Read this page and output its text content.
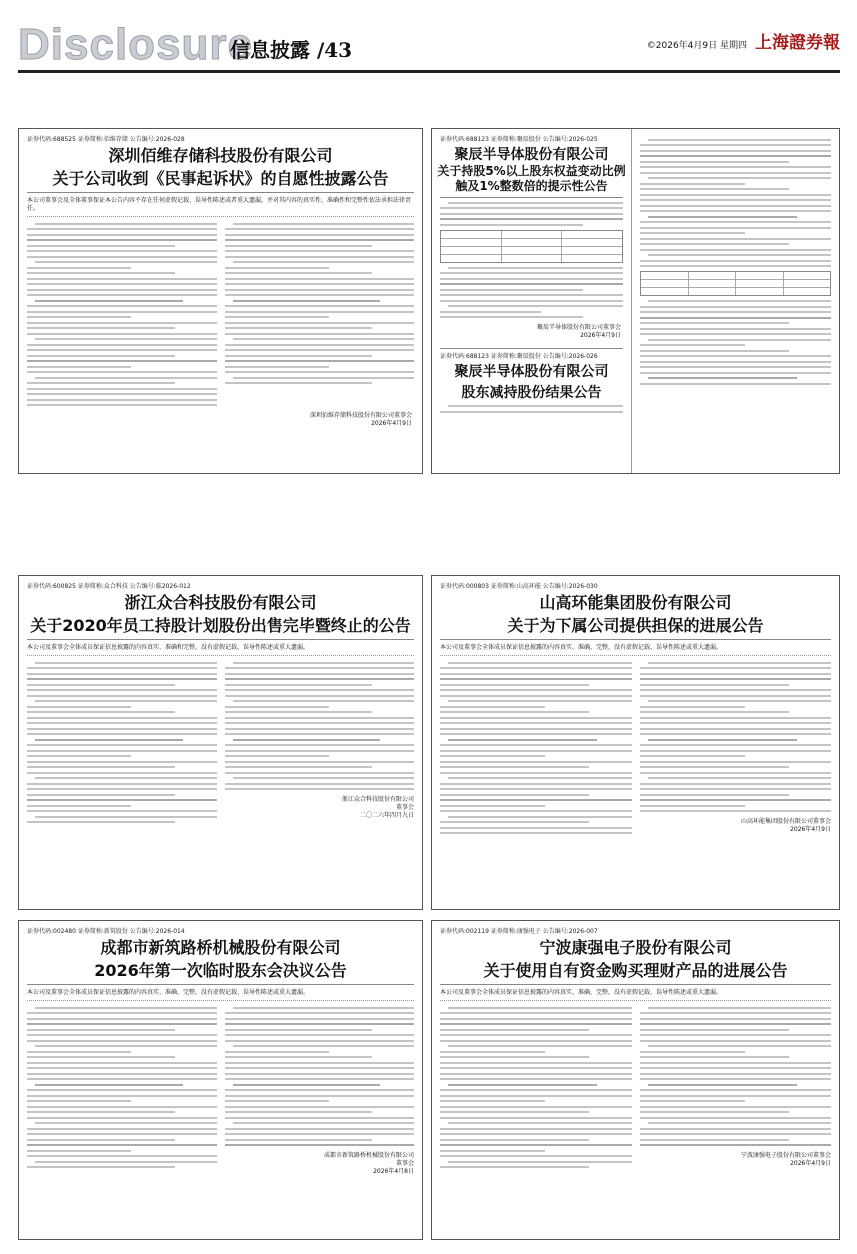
Disclosure
信息披露 /43	©2026年4月9日 星期四 上海證券報
证券代码:688525 证券简称:佰维存储 公告编号:2026-028
深圳佰维存储科技股份有限公司
关于公司收到《民事起诉状》的自愿性披露公告
本公司董事会及全体董事保证本公告内容不存在任何虚假记载、误导性陈述或者重大遗漏，并对其内容的真实性、准确性和完整性依法承担法律责任。
深圳佰维存储科技股份有限公司董事会
2026年4月9日
证券代码:688123 证券简称:聚辰股份 公告编号:2026-025
聚辰半导体股份有限公司
关于持股5%以上股东权益变动比例
触及1%整数倍的提示性公告
聚辰半导体股份有限公司董事会
2026年4月9日
证券代码:688123 证券简称:聚辰股份 公告编号:2026-026
聚辰半导体股份有限公司
股东减持股份结果公告
证券代码:600825 证券简称:众合科技 公告编号:临2026-012
浙江众合科技股份有限公司
关于2020年员工持股计划股份出售完毕暨终止的公告
本公司及董事会全体成员保证信息披露的内容真实、准确和完整，没有虚假记载、误导性陈述或重大遗漏。
浙江众合科技股份有限公司
董事会
二〇二六年四月九日
证券代码:000803 证券简称:山高环能 公告编号:2026-030
山高环能集团股份有限公司
关于为下属公司提供担保的进展公告
本公司及董事会全体成员保证信息披露的内容真实、准确、完整，没有虚假记载、误导性陈述或重大遗漏。
山高环能集团股份有限公司董事会
2026年4月9日
证券代码:002480 证券简称:新筑股份 公告编号:2026-014
成都市新筑路桥机械股份有限公司
2026年第一次临时股东会决议公告
本公司及董事会全体成员保证信息披露的内容真实、准确、完整，没有虚假记载、误导性陈述或重大遗漏。
成都市新筑路桥机械股份有限公司
董事会
2026年4月8日
证券代码:002119 证券简称:康强电子 公告编号:2026-007
宁波康强电子股份有限公司
关于使用自有资金购买理财产品的进展公告
本公司及董事会全体成员保证信息披露的内容真实、准确、完整，没有虚假记载、误导性陈述或重大遗漏。
宁波康强电子股份有限公司董事会
2026年4月9日
